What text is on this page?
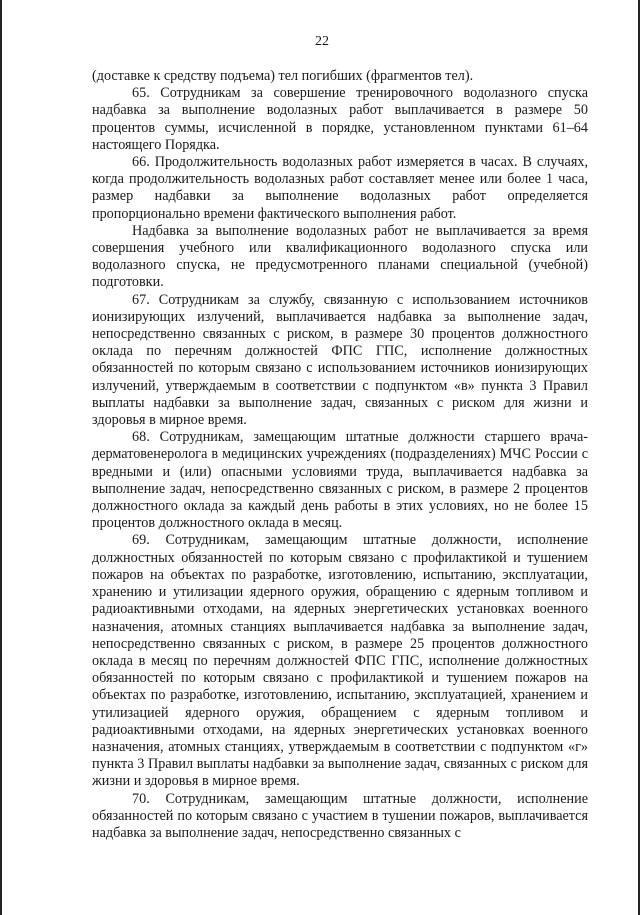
22

(доставке к средству подъема) тел погибших (фрагментов тел).

65. Сотрудникам за совершение тренировочного водолазного спуска надбавка за выполнение водолазных работ выплачивается в размере 50 процентов суммы, исчисленной в порядке, установленном пунктами 61–64 настоящего Порядка.

66. Продолжительность водолазных работ измеряется в часах. В случаях, когда продолжительность водолазных работ составляет менее или более 1 часа, размер надбавки за выполнение водолазных работ определяется пропорционально времени фактического выполнения работ.

Надбавка за выполнение водолазных работ не выплачивается за время совершения учебного или квалификационного водолазного спуска или водолазного спуска, не предусмотренного планами специальной (учебной) подготовки.

67. Сотрудникам за службу, связанную с использованием источников ионизирующих излучений, выплачивается надбавка за выполнение задач, непосредственно связанных с риском, в размере 30 процентов должностного оклада по перечням должностей ФПС ГПС, исполнение должностных обязанностей по которым связано с использованием источников ионизирующих излучений, утверждаемым в соответствии с подпунктом «в» пункта 3 Правил выплаты надбавки за выполнение задач, связанных с риском для жизни и здоровья в мирное время.

68. Сотрудникам, замещающим штатные должности старшего врача-дерматовенеролога в медицинских учреждениях (подразделениях) МЧС России с вредными и (или) опасными условиями труда, выплачивается надбавка за выполнение задач, непосредственно связанных с риском, в размере 2 процентов должностного оклада за каждый день работы в этих условиях, но не более 15 процентов должностного оклада в месяц.

69. Сотрудникам, замещающим штатные должности, исполнение должностных обязанностей по которым связано с профилактикой и тушением пожаров на объектах по разработке, изготовлению, испытанию, эксплуатации, хранению и утилизации ядерного оружия, обращению с ядерным топливом и радиоактивными отходами, на ядерных энергетических установках военного назначения, атомных станциях выплачивается надбавка за выполнение задач, непосредственно связанных с риском, в размере 25 процентов должностного оклада в месяц по перечням должностей ФПС ГПС, исполнение должностных обязанностей по которым связано с профилактикой и тушением пожаров на объектах по разработке, изготовлению, испытанию, эксплуатацией, хранением и утилизацией ядерного оружия, обращением с ядерным топливом и радиоактивными отходами, на ядерных энергетических установках военного назначения, атомных станциях, утверждаемым в соответствии с подпунктом «г» пункта 3 Правил выплаты надбавки за выполнение задач, связанных с риском для жизни и здоровья в мирное время.

70. Сотрудникам, замещающим штатные должности, исполнение обязанностей по которым связано с участием в тушении пожаров, выплачивается надбавка за выполнение задач, непосредственно связанных с
